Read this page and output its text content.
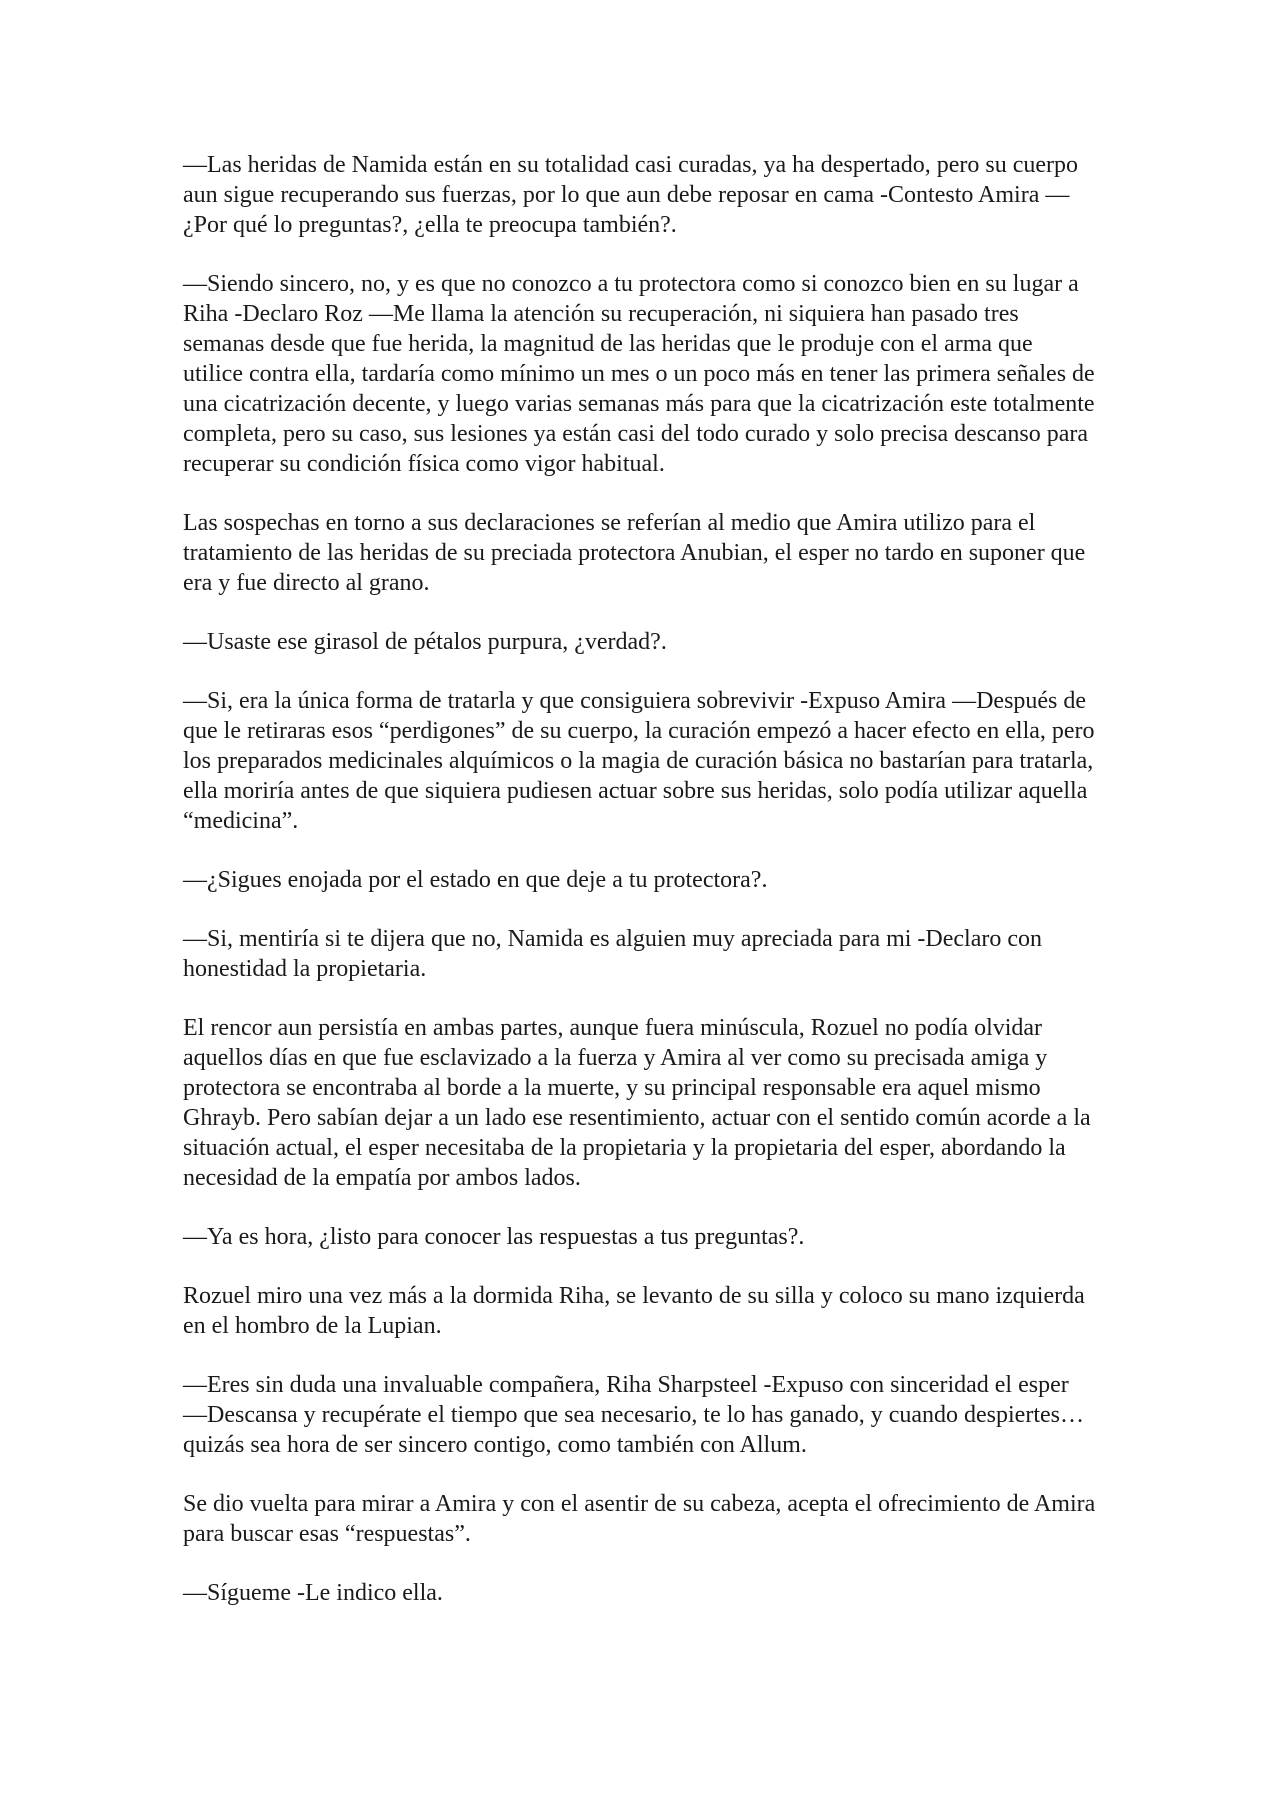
—Las heridas de Namida están en su totalidad casi curadas, ya ha despertado, pero su cuerpo aun sigue recuperando sus fuerzas, por lo que aun debe reposar en cama -Contesto Amira —¿Por qué lo preguntas?, ¿ella te preocupa también?.

—Siendo sincero, no, y es que no conozco a tu protectora como si conozco bien en su lugar a Riha -Declaro Roz —Me llama la atención su recuperación, ni siquiera han pasado tres semanas desde que fue herida, la magnitud de las heridas que le produje con el arma que utilice contra ella, tardaría como mínimo un mes o un poco más en tener las primera señales de una cicatrización decente, y luego varias semanas más para que la cicatrización este totalmente completa, pero su caso, sus lesiones ya están casi del todo curado y solo precisa descanso para recuperar su condición física como vigor habitual.

Las sospechas en torno a sus declaraciones se referían al medio que Amira utilizo para el tratamiento de las heridas de su preciada protectora Anubian, el esper no tardo en suponer que era y fue directo al grano.

—Usaste ese girasol de pétalos purpura, ¿verdad?.

—Si, era la única forma de tratarla y que consiguiera sobrevivir -Expuso Amira —Después de que le retiraras esos “perdigones” de su cuerpo, la curación empezó a hacer efecto en ella, pero los preparados medicinales alquímicos o la magia de curación básica no bastarían para tratarla, ella moriría antes de que siquiera pudiesen actuar sobre sus heridas, solo podía utilizar aquella “medicina”.

—¿Sigues enojada por el estado en que deje a tu protectora?.

—Si, mentiría si te dijera que no, Namida es alguien muy apreciada para mi -Declaro con honestidad la propietaria.

El rencor aun persistía en ambas partes, aunque fuera minúscula, Rozuel no podía olvidar aquellos días en que fue esclavizado a la fuerza y Amira al ver como su precisada amiga y protectora se encontraba al borde a la muerte, y su principal responsable era aquel mismo Ghrayb. Pero sabían dejar a un lado ese resentimiento, actuar con el sentido común acorde a la situación actual, el esper necesitaba de la propietaria y la propietaria del esper, abordando la necesidad de la empatía por ambos lados.

—Ya es hora, ¿listo para conocer las respuestas a tus preguntas?.

Rozuel miro una vez más a la dormida Riha, se levanto de su silla y coloco su mano izquierda en el hombro de la Lupian.

—Eres sin duda una invaluable compañera, Riha Sharpsteel -Expuso con sinceridad el esper —Descansa y recupérate el tiempo que sea necesario, te lo has ganado, y cuando despiertes… quizás sea hora de ser sincero contigo, como también con Allum.

Se dio vuelta para mirar a Amira y con el asentir de su cabeza, acepta el ofrecimiento de Amira para buscar esas “respuestas”.

—Sígueme -Le indico ella.
